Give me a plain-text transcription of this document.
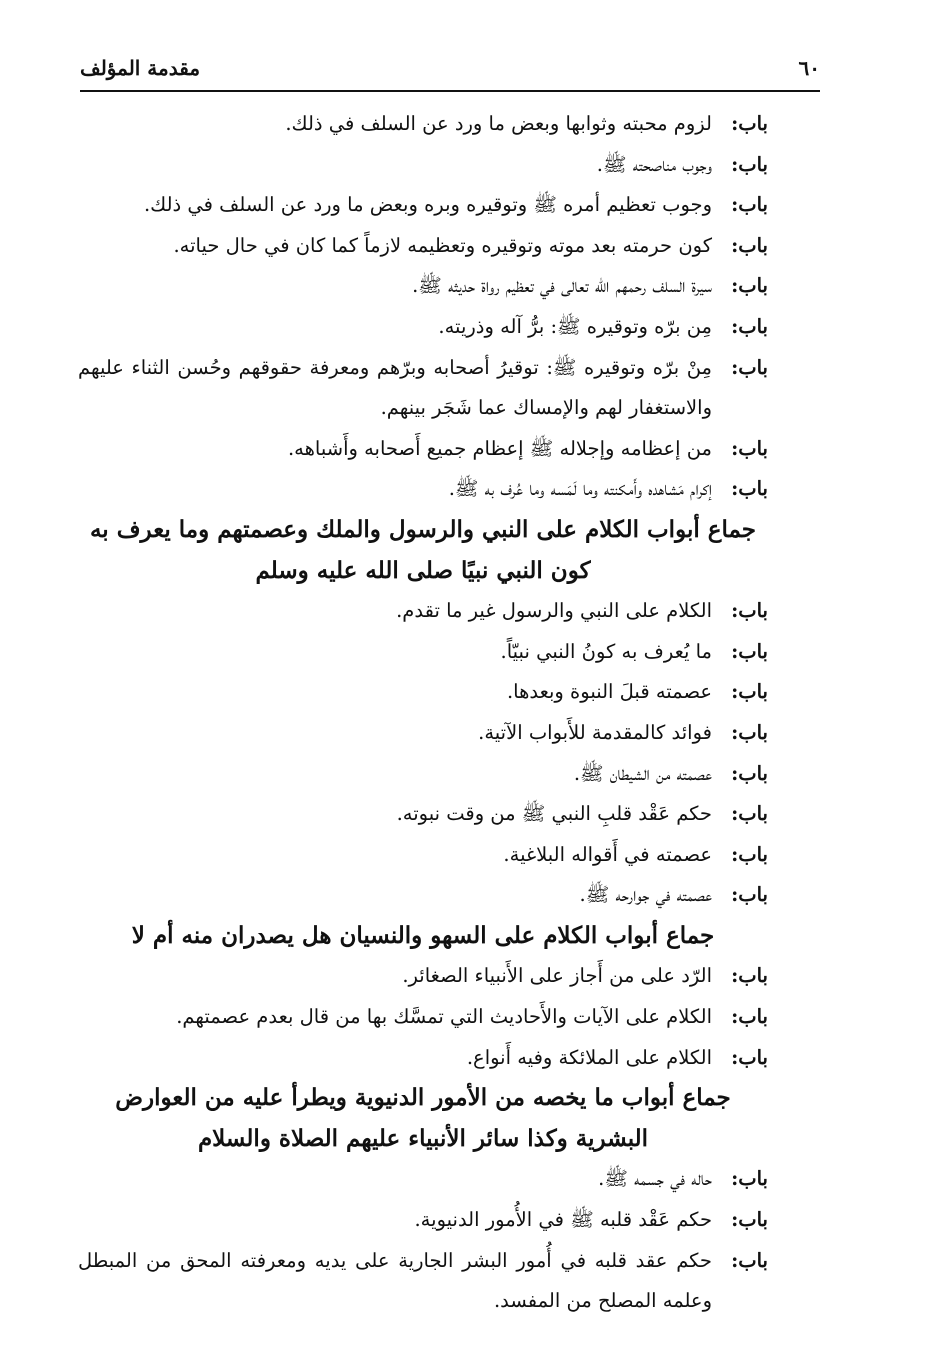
٦٠
مقدمة المؤلف
باب:
لزوم محبته وثوابها وبعض ما ورد عن السلف في ذلك.
باب:
وجوب مناصحته ﷺ.
باب:
وجوب تعظيم أمره ﷺ وتوقيره وبره وبعض ما ورد عن السلف في ذلك.
باب:
كون حرمته بعد موته وتوقيره وتعظيمه لازماً كما كان في حال حياته.
باب:
سيرة السلف رحمهم الله تعالى في تعظيم رواة حديثه ﷺ.
باب:
مِن برّه وتوقيره ﷺ: برُّ آله وذريته.
باب:
مِنْ برّه وتوقيره ﷺ: توقيرُ أصحابه وبرّهم ومعرفة حقوقهم وحُسن الثناء عليهم والاستغفار لهم والإمساك عما شَجَر بينهم.
باب:
من إعظامه وإجلاله ﷺ إعظام جميع أَصحابه وأَشباهه.
باب:
إكرام مَشاهده وأَمكنته وما لَمَسه وما عُرف به ﷺ.
جماع أبواب الكلام على النبي والرسول والملك وعصمتهم وما يعرف به كون النبي نبيًا صلى الله عليه وسلم
باب:
الكلام على النبي والرسول غير ما تقدم.
باب:
ما يُعرف به كونُ النبي نبيّاً.
باب:
عصمته قبلَ النبوة وبعدها.
باب:
فوائد كالمقدمة للأَبواب الآتية.
باب:
عصمته من الشيطان ﷺ.
باب:
حكم عَقْد قلبِ النبي ﷺ من وقت نبوته.
باب:
عصمته في أَقواله البلاغية.
باب:
عصمته في جوارحه ﷺ.
جماع أبواب الكلام على السهو والنسيان هل يصدران منه أم لا
باب:
الرّد على من أَجاز على الأَنبياء الصغائر.
باب:
الكلام على الآيات والأَحاديث التي تمسَّك بها من قال بعدم عصمتهم.
باب:
الكلام على الملائكة وفيه أَنواع.
جماع أبواب ما يخصه من الأمور الدنيوية ويطرأ عليه من العوارض البشرية وكذا سائر الأنبياء عليهم الصلاة والسلام
باب:
حاله في جسمه ﷺ.
باب:
حكم عَقْد قلبه ﷺ في الأُمور الدنيوية.
باب:
حكم عقد قلبه في أُمور البشر الجارية على يديه ومعرفته المحق من المبطل وعلمه المصلح من المفسد.
